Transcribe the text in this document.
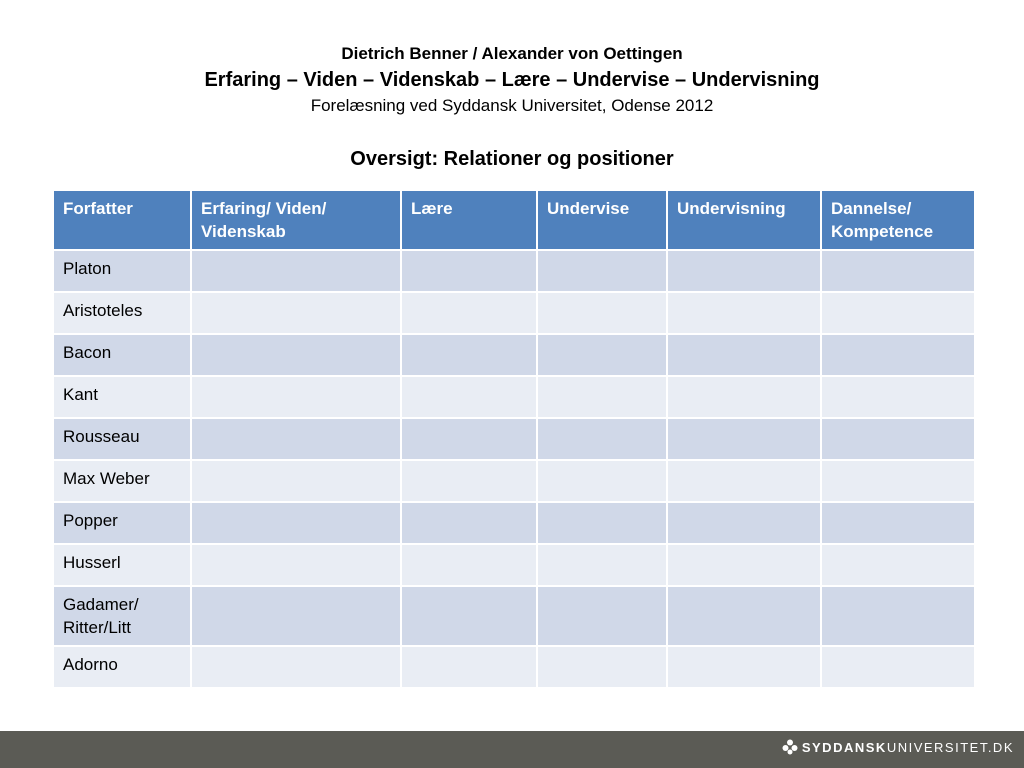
Dietrich Benner / Alexander von Oettingen
Erfaring – Viden – Videnskab – Lære – Undervise – Undervisning
Forelæsning ved Syddansk Universitet, Odense 2012
Oversigt: Relationer og positioner
Forfatter	Erfaring/ Viden/ Videnskab	Lære	Undervise	Undervisning	Dannelse/ Kompetence
Platon					
Aristoteles					
Bacon					
Kant					
Rousseau					
Max Weber					
Popper					
Husserl					
Gadamer/ Ritter/Litt					
Adorno					
SYDDANSKUNIVERSITET.DK
